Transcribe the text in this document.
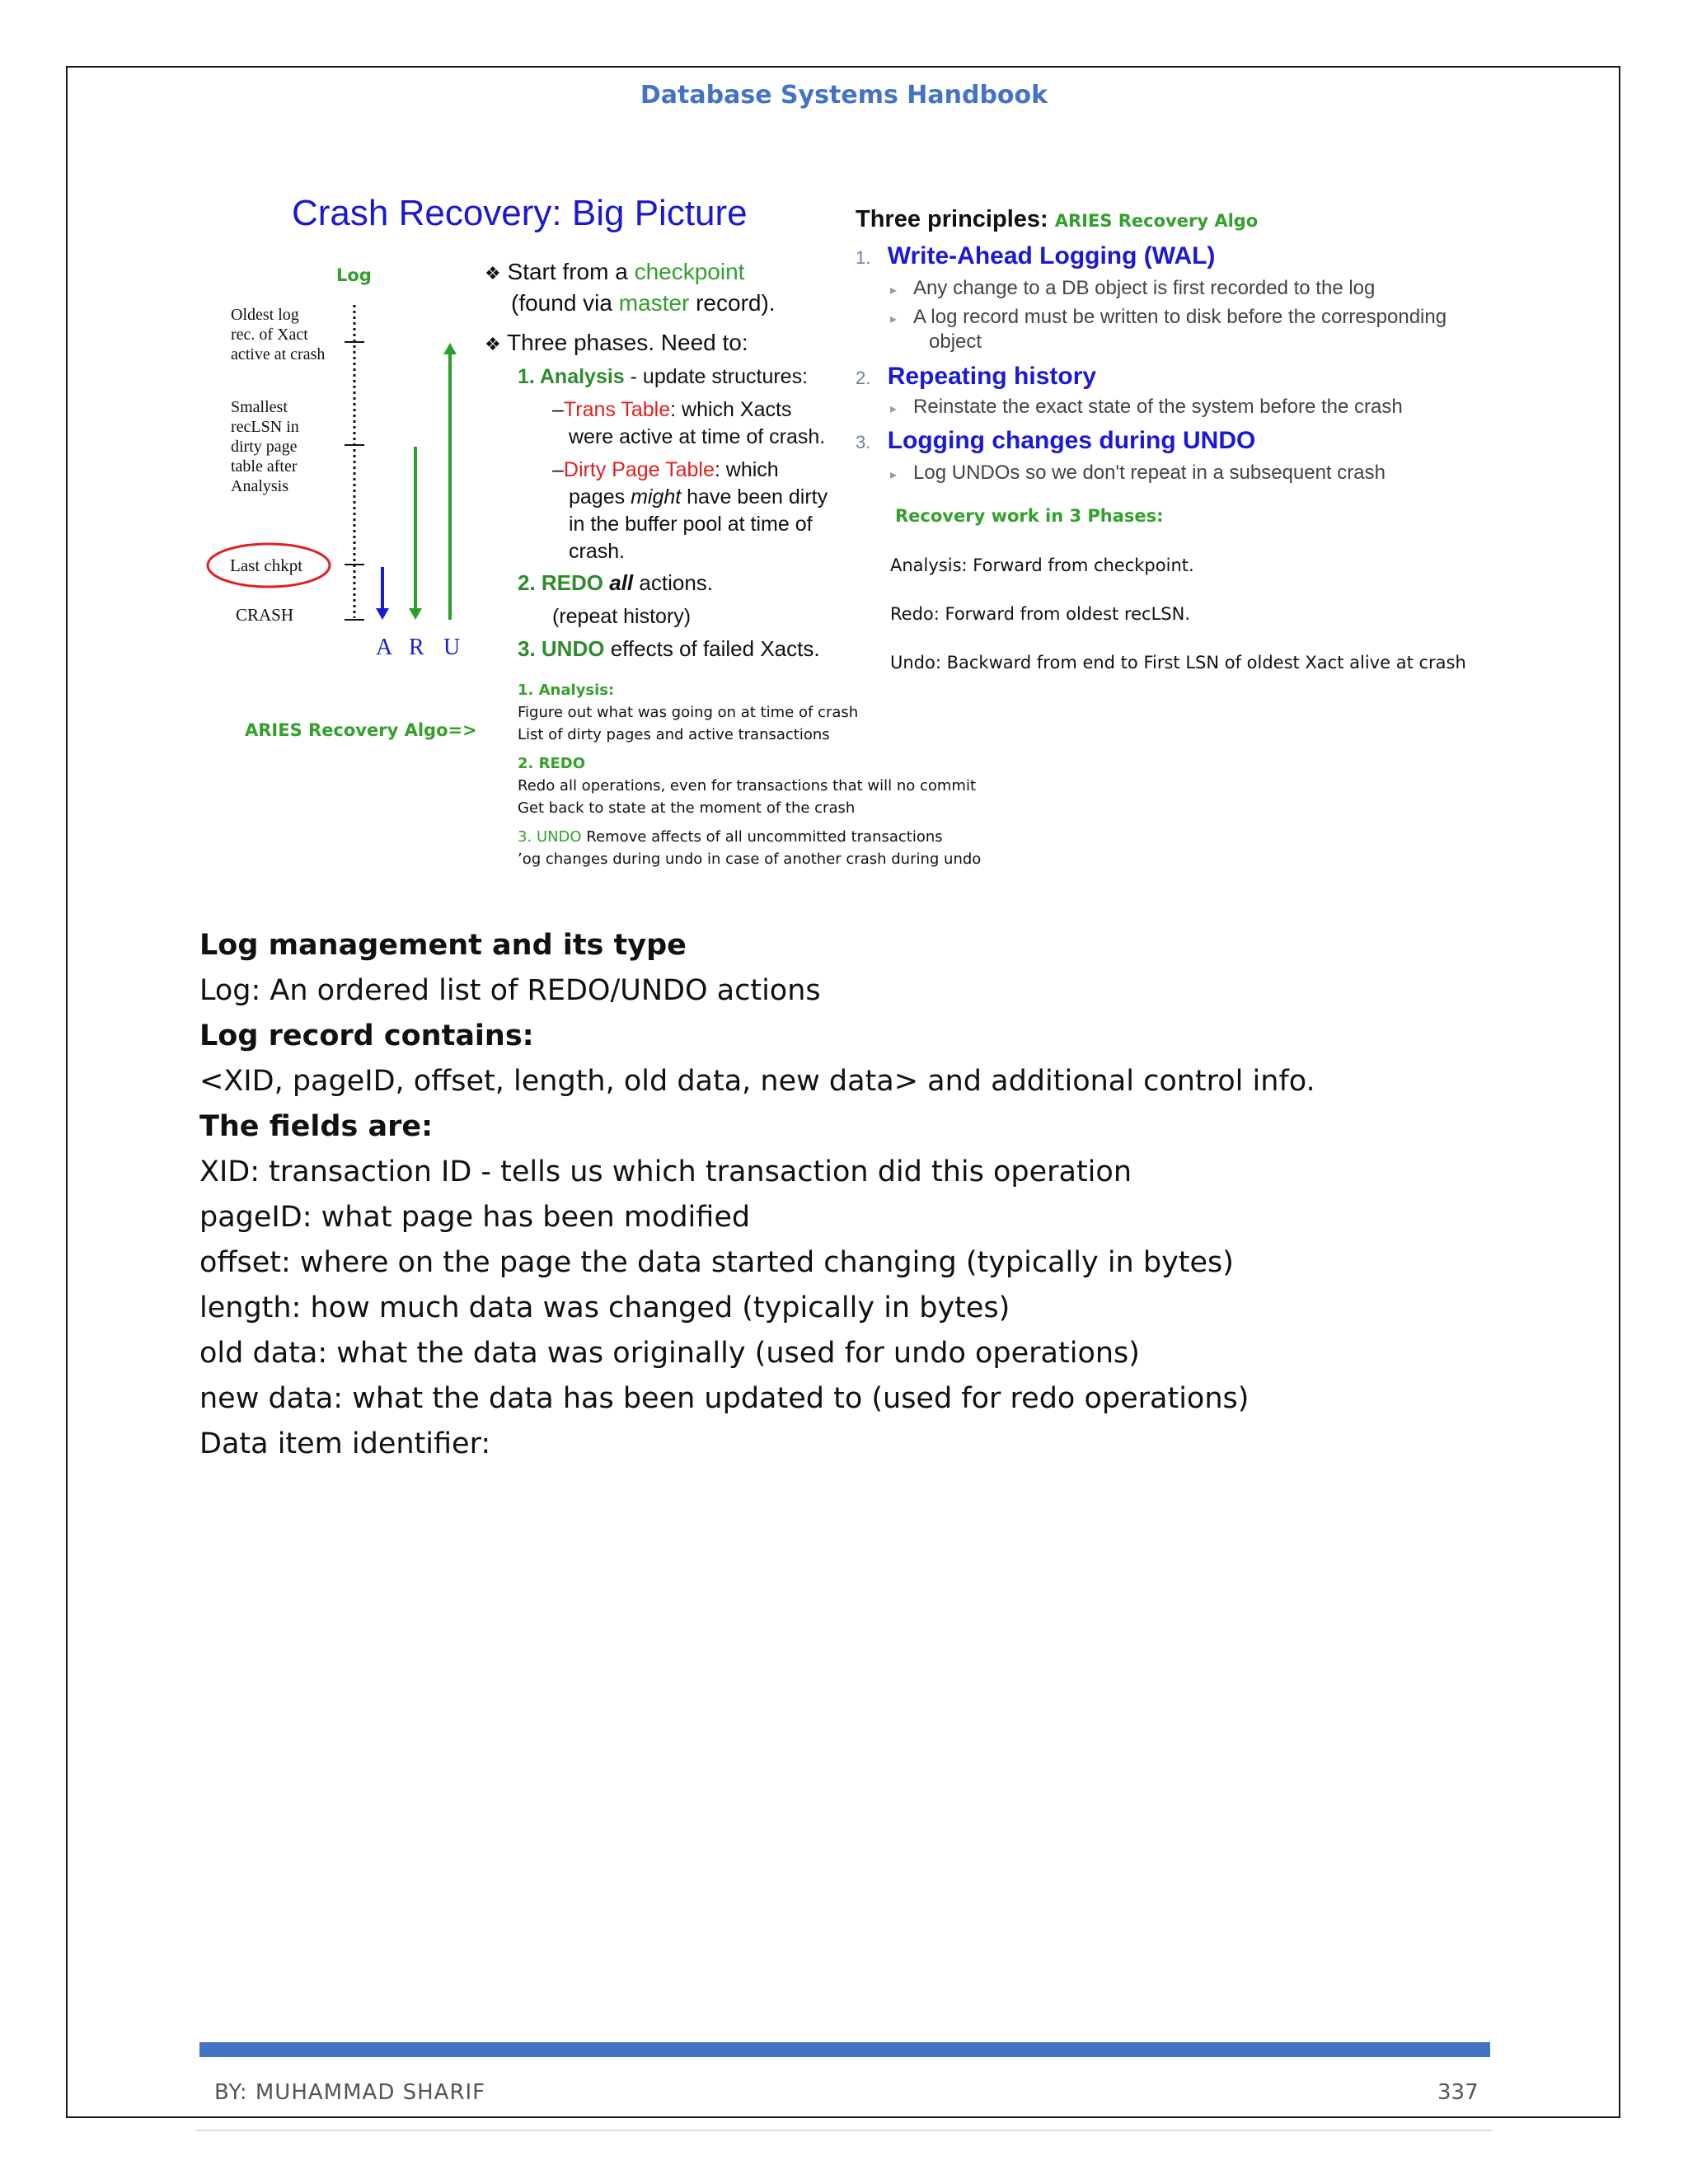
Database Systems Handbook
Crash Recovery: Big Picture
Log
Oldest log
rec. of Xact
active at crash
Smallest
recLSN in
dirty page
table after
Analysis
Last chkpt
CRASH
A R U
ARIES Recovery Algo=>
❖ Start from a checkpoint
(found via master record).
❖ Three phases. Need to:
1. Analysis - update structures:
–Trans Table: which Xacts
were active at time of crash.
–Dirty Page Table: which
pages might have been dirty
in the buffer pool at time of
crash.
2. REDO all actions.
(repeat history)
3. UNDO effects of failed Xacts.
1. Analysis:
Figure out what was going on at time of crash
List of dirty pages and active transactions
2. REDO
Redo all operations, even for transactions that will no commit
Get back to state at the moment of the crash
3. UNDO Remove affects of all uncommitted transactions
ʼog changes during undo in case of another crash during undo
Three principles: ARIES Recovery Algo
1. Write-Ahead Logging (WAL)
▸ Any change to a DB object is first recorded to the log
▸ A log record must be written to disk before the corresponding
object
2. Repeating history
▸ Reinstate the exact state of the system before the crash
3. Logging changes during UNDO
▸ Log UNDOs so we don't repeat in a subsequent crash
Recovery work in 3 Phases:
Analysis: Forward from checkpoint.
Redo: Forward from oldest recLSN.
Undo: Backward from end to First LSN of oldest Xact alive at crash
Log management and its type
Log: An ordered list of REDO/UNDO actions
Log record contains:
<XID, pageID, offset, length, old data, new data> and additional control info.
The fields are:
XID: transaction ID - tells us which transaction did this operation
pageID: what page has been modified
offset: where on the page the data started changing (typically in bytes)
length: how much data was changed (typically in bytes)
old data: what the data was originally (used for undo operations)
new data: what the data has been updated to (used for redo operations)
Data item identifier:
BY: MUHAMMAD SHARIF	337
